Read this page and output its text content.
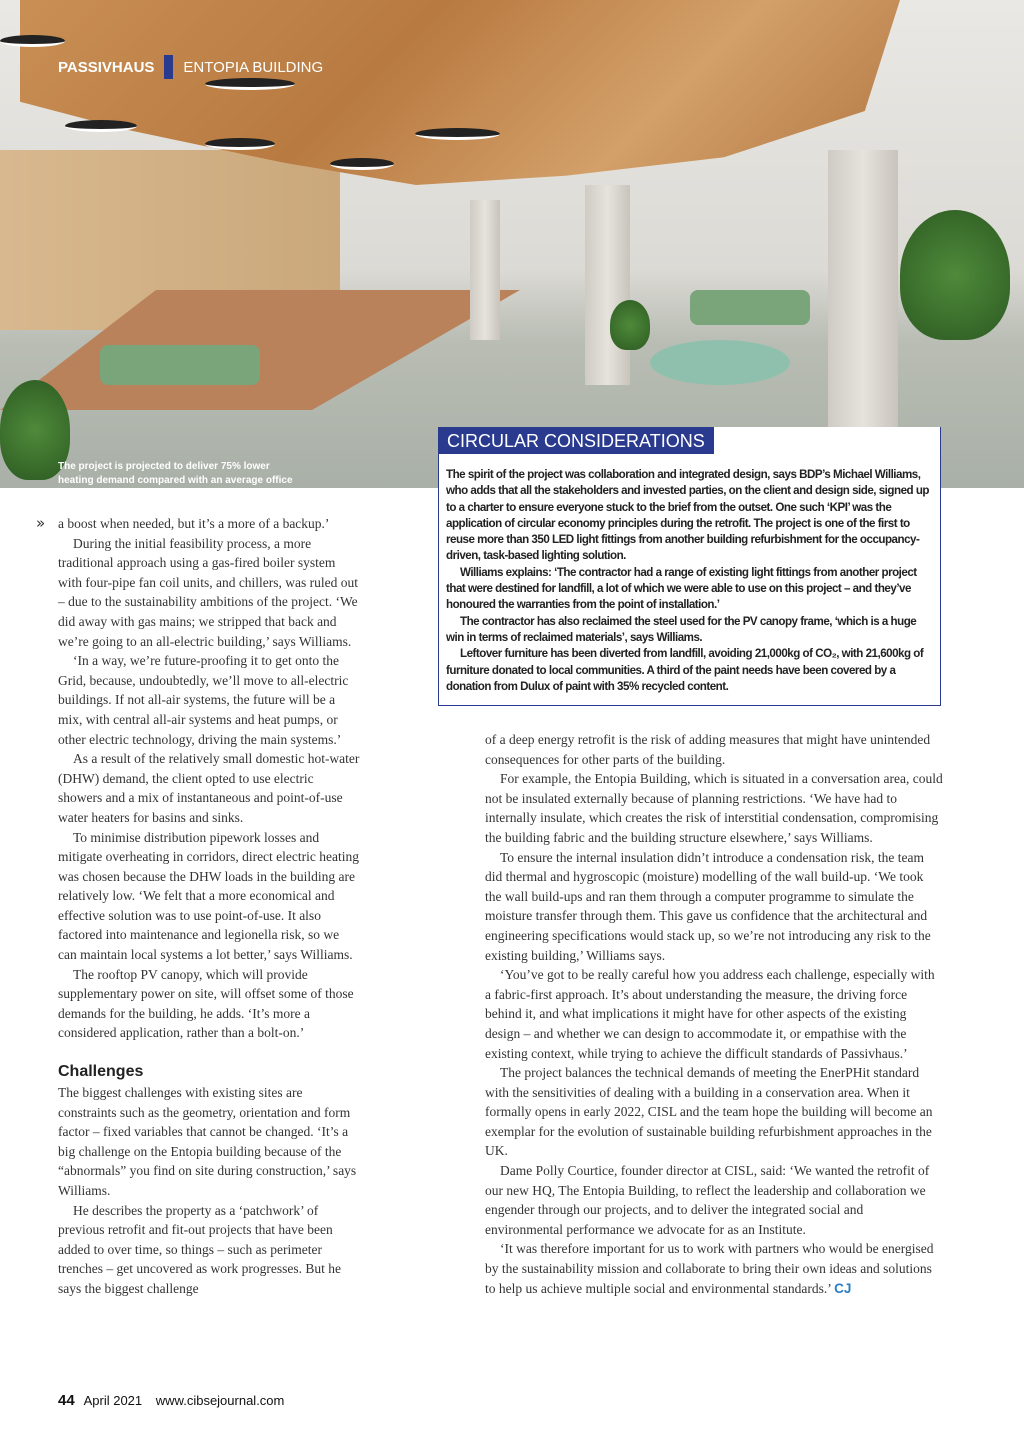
PASSIVHAUS ENTOPIA BUILDING
The project is projected to deliver 75% lower
heating demand compared with an average office
CIRCULAR CONSIDERATIONS

The spirit of the project was collaboration and integrated design, says BDP’s Michael Williams, who adds that all the stakeholders and invested parties, on the client and design side, signed up to a charter to ensure everyone stuck to the brief from the outset. One such ‘KPI’ was the application of circular economy principles during the retrofit. The project is one of the first to reuse more than 350 LED light fittings from another building refurbishment for the occupancy-driven, task-based lighting solution.

Williams explains: ‘The contractor had a range of existing light fittings from another project that were destined for landfill, a lot of which we were able to use on this project – and they’ve honoured the warranties from the point of installation.’

The contractor has also reclaimed the steel used for the PV canopy frame, ‘which is a huge win in terms of reclaimed materials’, says Williams.

Leftover furniture has been diverted from landfill, avoiding 21,000kg of CO₂, with 21,600kg of furniture donated to local communities. A third of the paint needs have been covered by a donation from Dulux of paint with 35% recycled content.

» a boost when needed, but it’s a more of a backup.’

During the initial feasibility process, a more traditional approach using a gas-fired boiler system with four-pipe fan coil units, and chillers, was ruled out – due to the sustainability ambitions of the project. ‘We did away with gas mains; we stripped that back and we’re going to an all-electric building,’ says Williams.

‘In a way, we’re future-proofing it to get onto the Grid, because, undoubtedly, we’ll move to all-electric buildings. If not all-air systems, the future will be a mix, with central all-air systems and heat pumps, or other electric technology, driving the main systems.’

As a result of the relatively small domestic hot-water (DHW) demand, the client opted to use electric showers and a mix of instantaneous and point-of-use water heaters for basins and sinks.

To minimise distribution pipework losses and mitigate overheating in corridors, direct electric heating was chosen because the DHW loads in the building are relatively low. ‘We felt that a more economical and effective solution was to use point-of-use. It also factored into maintenance and legionella risk, so we can maintain local systems a lot better,’ says Williams.

The rooftop PV canopy, which will provide supplementary power on site, will offset some of those demands for the building, he adds. ‘It’s more a considered application, rather than a bolt-on.’

Challenges

The biggest challenges with existing sites are constraints such as the geometry, orientation and form factor – fixed variables that cannot be changed. ‘It’s a big challenge on the Entopia building because of the “abnormals” you find on site during construction,’ says Williams.

He describes the property as a ‘patchwork’ of previous retrofit and fit-out projects that have been added to over time, so things – such as perimeter trenches – get uncovered as work progresses. But he says the biggest challenge

of a deep energy retrofit is the risk of adding measures that might have unintended consequences for other parts of the building.

For example, the Entopia Building, which is situated in a conversation area, could not be insulated externally because of planning restrictions. ‘We have had to internally insulate, which creates the risk of interstitial condensation, compromising the building fabric and the building structure elsewhere,’ says Williams.

To ensure the internal insulation didn’t introduce a condensation risk, the team did thermal and hygroscopic (moisture) modelling of the wall build-up. ‘We took the wall build-ups and ran them through a computer programme to simulate the moisture transfer through them. This gave us confidence that the architectural and engineering specifications would stack up, so we’re not introducing any risk to the existing building,’ Williams says.

‘You’ve got to be really careful how you address each challenge, especially with a fabric-first approach. It’s about understanding the measure, the driving force behind it, and what implications it might have for other aspects of the existing design – and whether we can design to accommodate it, or empathise with the existing context, while trying to achieve the difficult standards of Passivhaus.’

The project balances the technical demands of meeting the EnerPHit standard with the sensitivities of dealing with a building in a conservation area. When it formally opens in early 2022, CISL and the team hope the building will become an exemplar for the evolution of sustainable building refurbishment approaches in the UK.

Dame Polly Courtice, founder director at CISL, said: ‘We wanted the retrofit of our new HQ, The Entopia Building, to reflect the leadership and collaboration we engender through our projects, and to deliver the integrated social and environmental performance we advocate for as an Institute.

‘It was therefore important for us to work with partners who would be energised by the sustainability mission and collaborate to bring their own ideas and solutions to help us achieve multiple social and environmental standards.’ CJ

44 April 2021 www.cibsejournal.com
